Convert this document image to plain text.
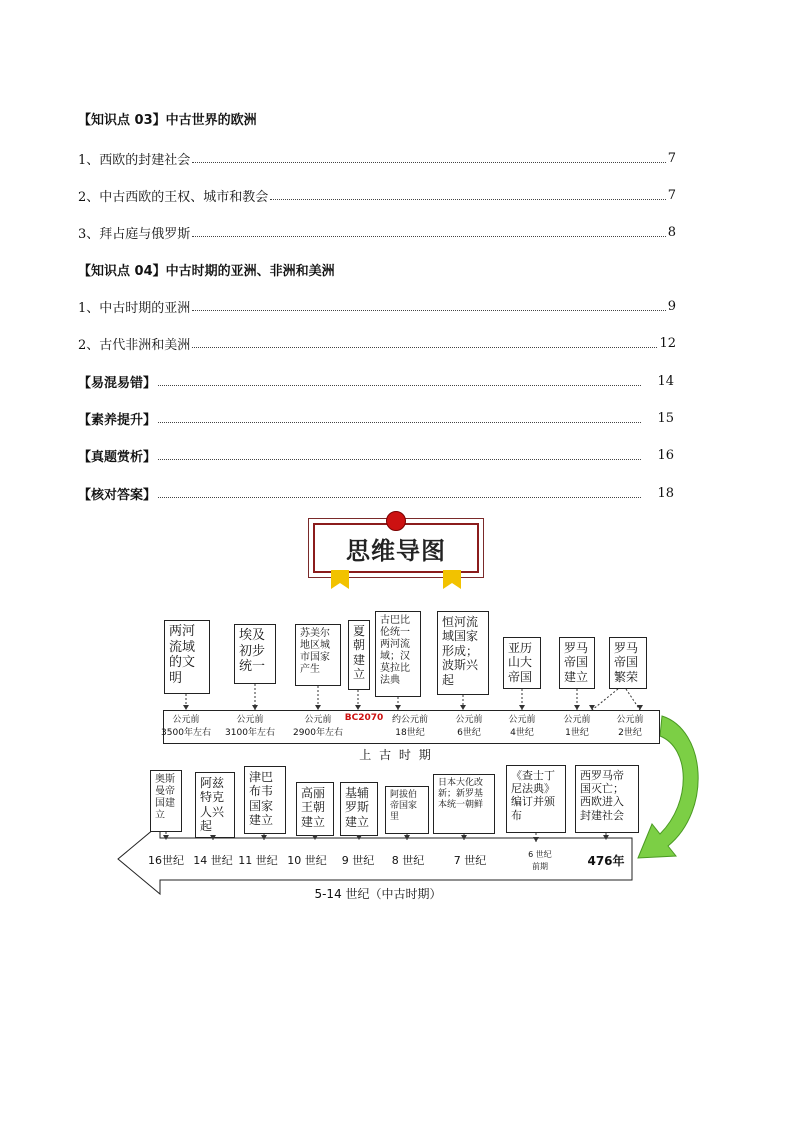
【知识点 03】中古世界的欧洲
1、西欧的封建社会	7
2、中古西欧的王权、城市和教会	7
3、拜占庭与俄罗斯	8
【知识点 04】中古时期的亚洲、非洲和美洲
1、中古时期的亚洲	9
2、古代非洲和美洲	12
【易混易错】	14
【素养提升】	15
【真题赏析】	16
【核对答案】	18
思维导图
两河流域的文明
埃及初步统一
苏美尔地区城市国家产生
夏朝建立
古巴比伦统一两河流域；汉莫拉比法典
恒河流域国家形成；波斯兴起
亚历山大帝国
罗马帝国建立
罗马帝国繁荣
公元前
3500年左右
公元前
3100年左右
公元前
2900年左右
BC2070 约公元前
18世纪
公元前
6世纪
公元前
4世纪
公元前
1世纪
公元前
2世纪
上 古 时 期
奥斯曼帝国建立
阿兹特克人兴起
津巴布韦国家建立
高丽王朝建立
基辅罗斯建立
阿拔伯帝国家里
日本大化改新；新罗基本统一朝鲜
《查士丁尼法典》编订并颁布
西罗马帝国灭亡；西欧进入封建社会
16世纪 14 世纪 11 世纪 10 世纪	9 世纪	8 世纪	7 世纪	6 世纪
前期	476年
5-14 世纪（中古时期）
